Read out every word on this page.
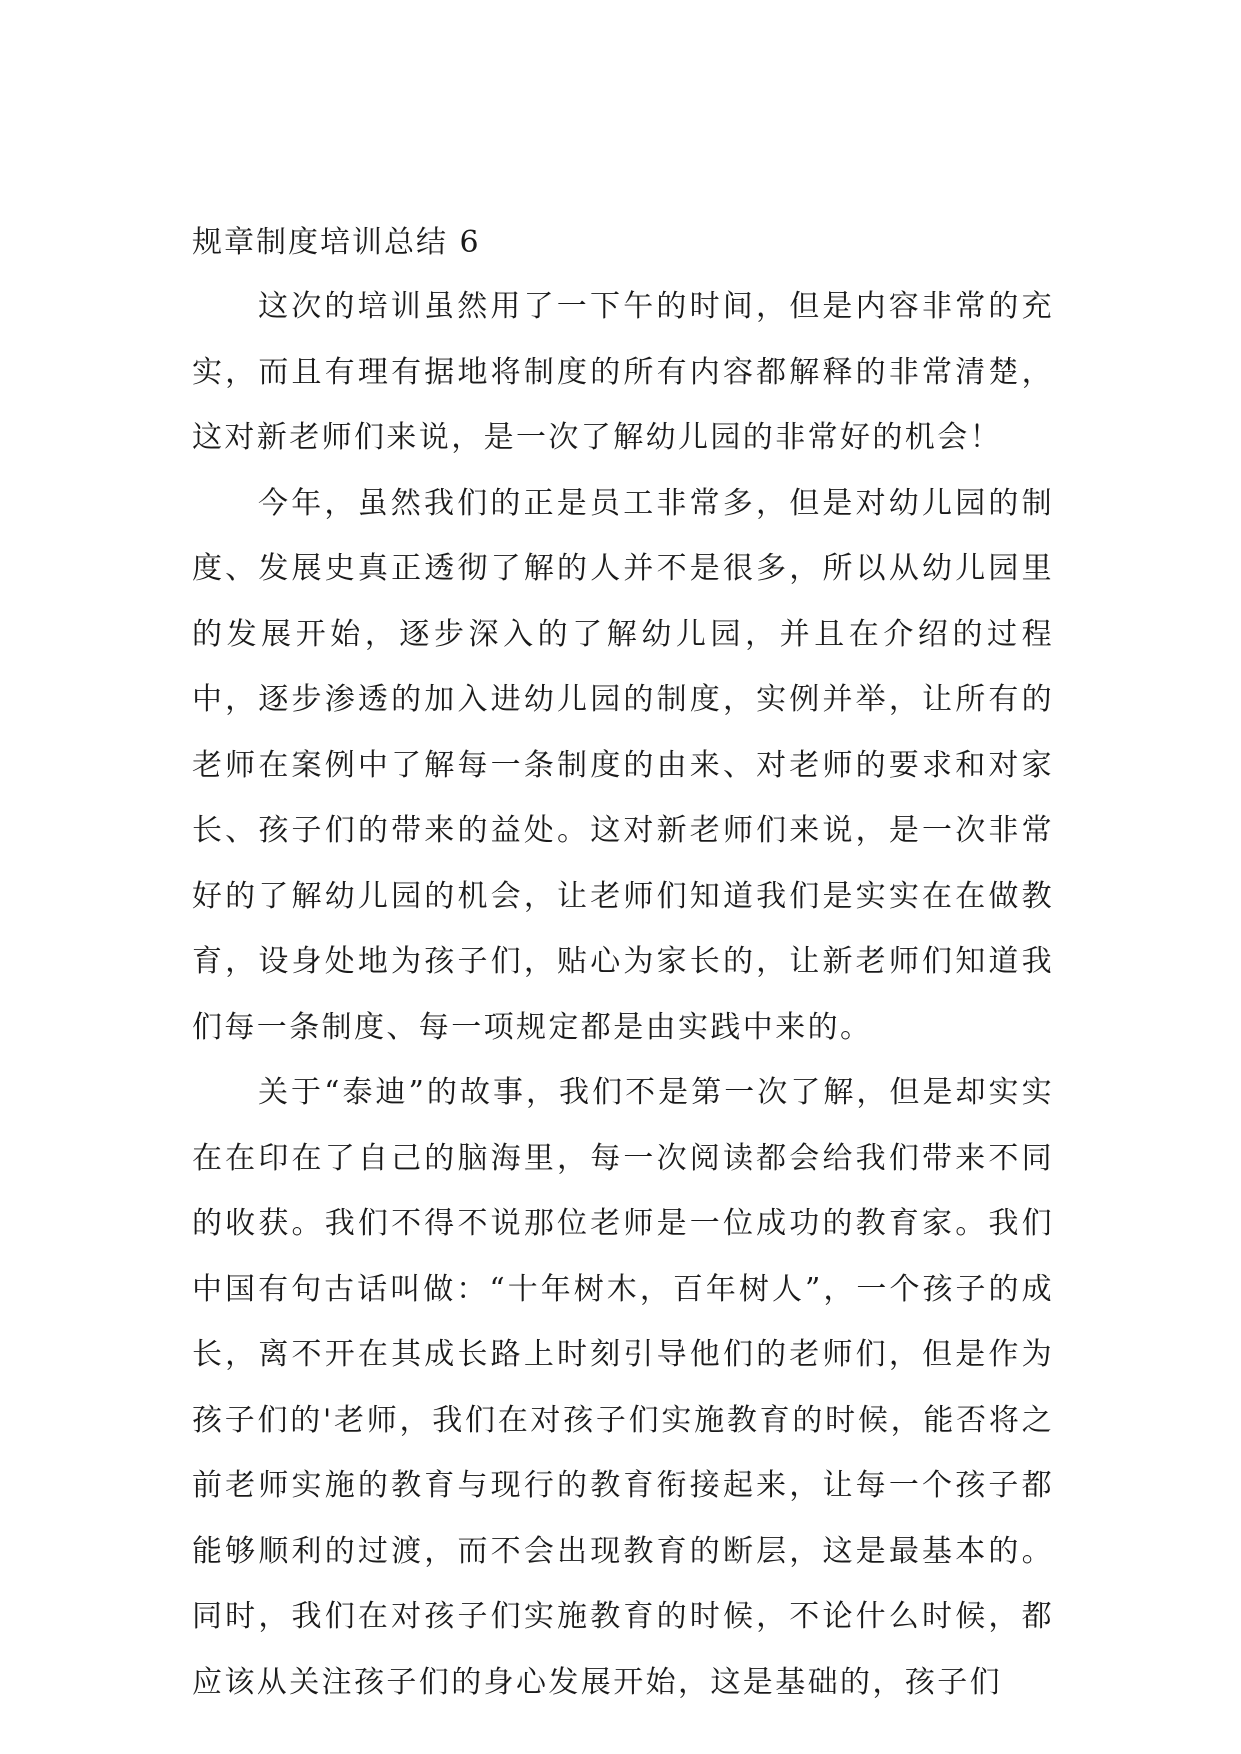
规章制度培训总结 6

这次的培训虽然用了一下午的时间，但是内容非常的充实，而且有理有据地将制度的所有内容都解释的非常清楚，这对新老师们来说，是一次了解幼儿园的非常好的机会！

今年，虽然我们的正是员工非常多，但是对幼儿园的制度、发展史真正透彻了解的人并不是很多，所以从幼儿园里的发展开始，逐步深入的了解幼儿园，并且在介绍的过程中，逐步渗透的加入进幼儿园的制度，实例并举，让所有的老师在案例中了解每一条制度的由来、对老师的要求和对家长、孩子们的带来的益处。这对新老师们来说，是一次非常好的了解幼儿园的机会，让老师们知道我们是实实在在做教育，设身处地为孩子们，贴心为家长的，让新老师们知道我们每一条制度、每一项规定都是由实践中来的。

关于“泰迪”的故事，我们不是第一次了解，但是却实实在在印在了自己的脑海里，每一次阅读都会给我们带来不同的收获。我们不得不说那位老师是一位成功的教育家。我们中国有句古话叫做：“十年树木，百年树人”，一个孩子的成长，离不开在其成长路上时刻引导他们的老师们，但是作为孩子们的'老师，我们在对孩子们实施教育的时候，能否将之前老师实施的教育与现行的教育衔接起来，让每一个孩子都能够顺利的过渡，而不会出现教育的断层，这是最基本的。同时，我们在对孩子们实施教育的时候，不论什么时候，都应该从关注孩子们的身心发展开始，这是基础的，孩子们
